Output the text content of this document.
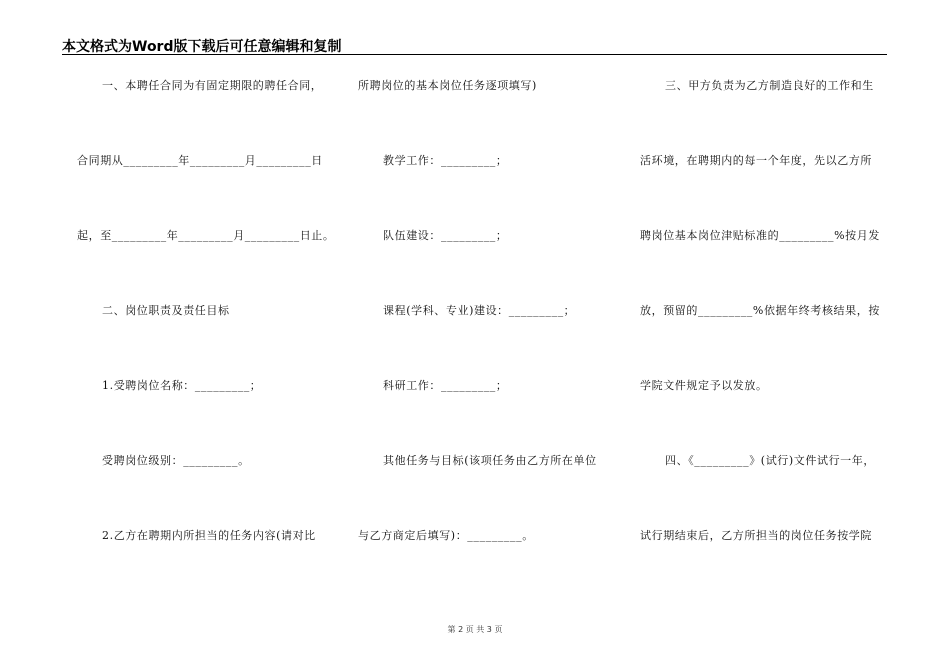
本文格式为Word版下载后可任意编辑和复制
一、本聘任合同为有固定期限的聘任合同，
合同期从_________年_________月_________日
起，至_________年_________月_________日止。
二、岗位职责及责任目标
1.受聘岗位名称：_________；
受聘岗位级别：_________。
2.乙方在聘期内所担当的任务内容(请对比
所聘岗位的基本岗位任务逐项填写)
教学工作：_________；
队伍建设：_________；
课程(学科、专业)建设：_________；
科研工作：_________；
其他任务与目标(该项任务由乙方所在单位
与乙方商定后填写)：_________。
三、甲方负责为乙方制造良好的工作和生
活环境，在聘期内的每一个年度，先以乙方所
聘岗位基本岗位津贴标准的_________%按月发
放，预留的_________%依据年终考核结果，按
学院文件规定予以发放。
四、《_________》(试行)文件试行一年，
试行期结束后，乙方所担当的岗位任务按学院
第 2 页 共 3 页
